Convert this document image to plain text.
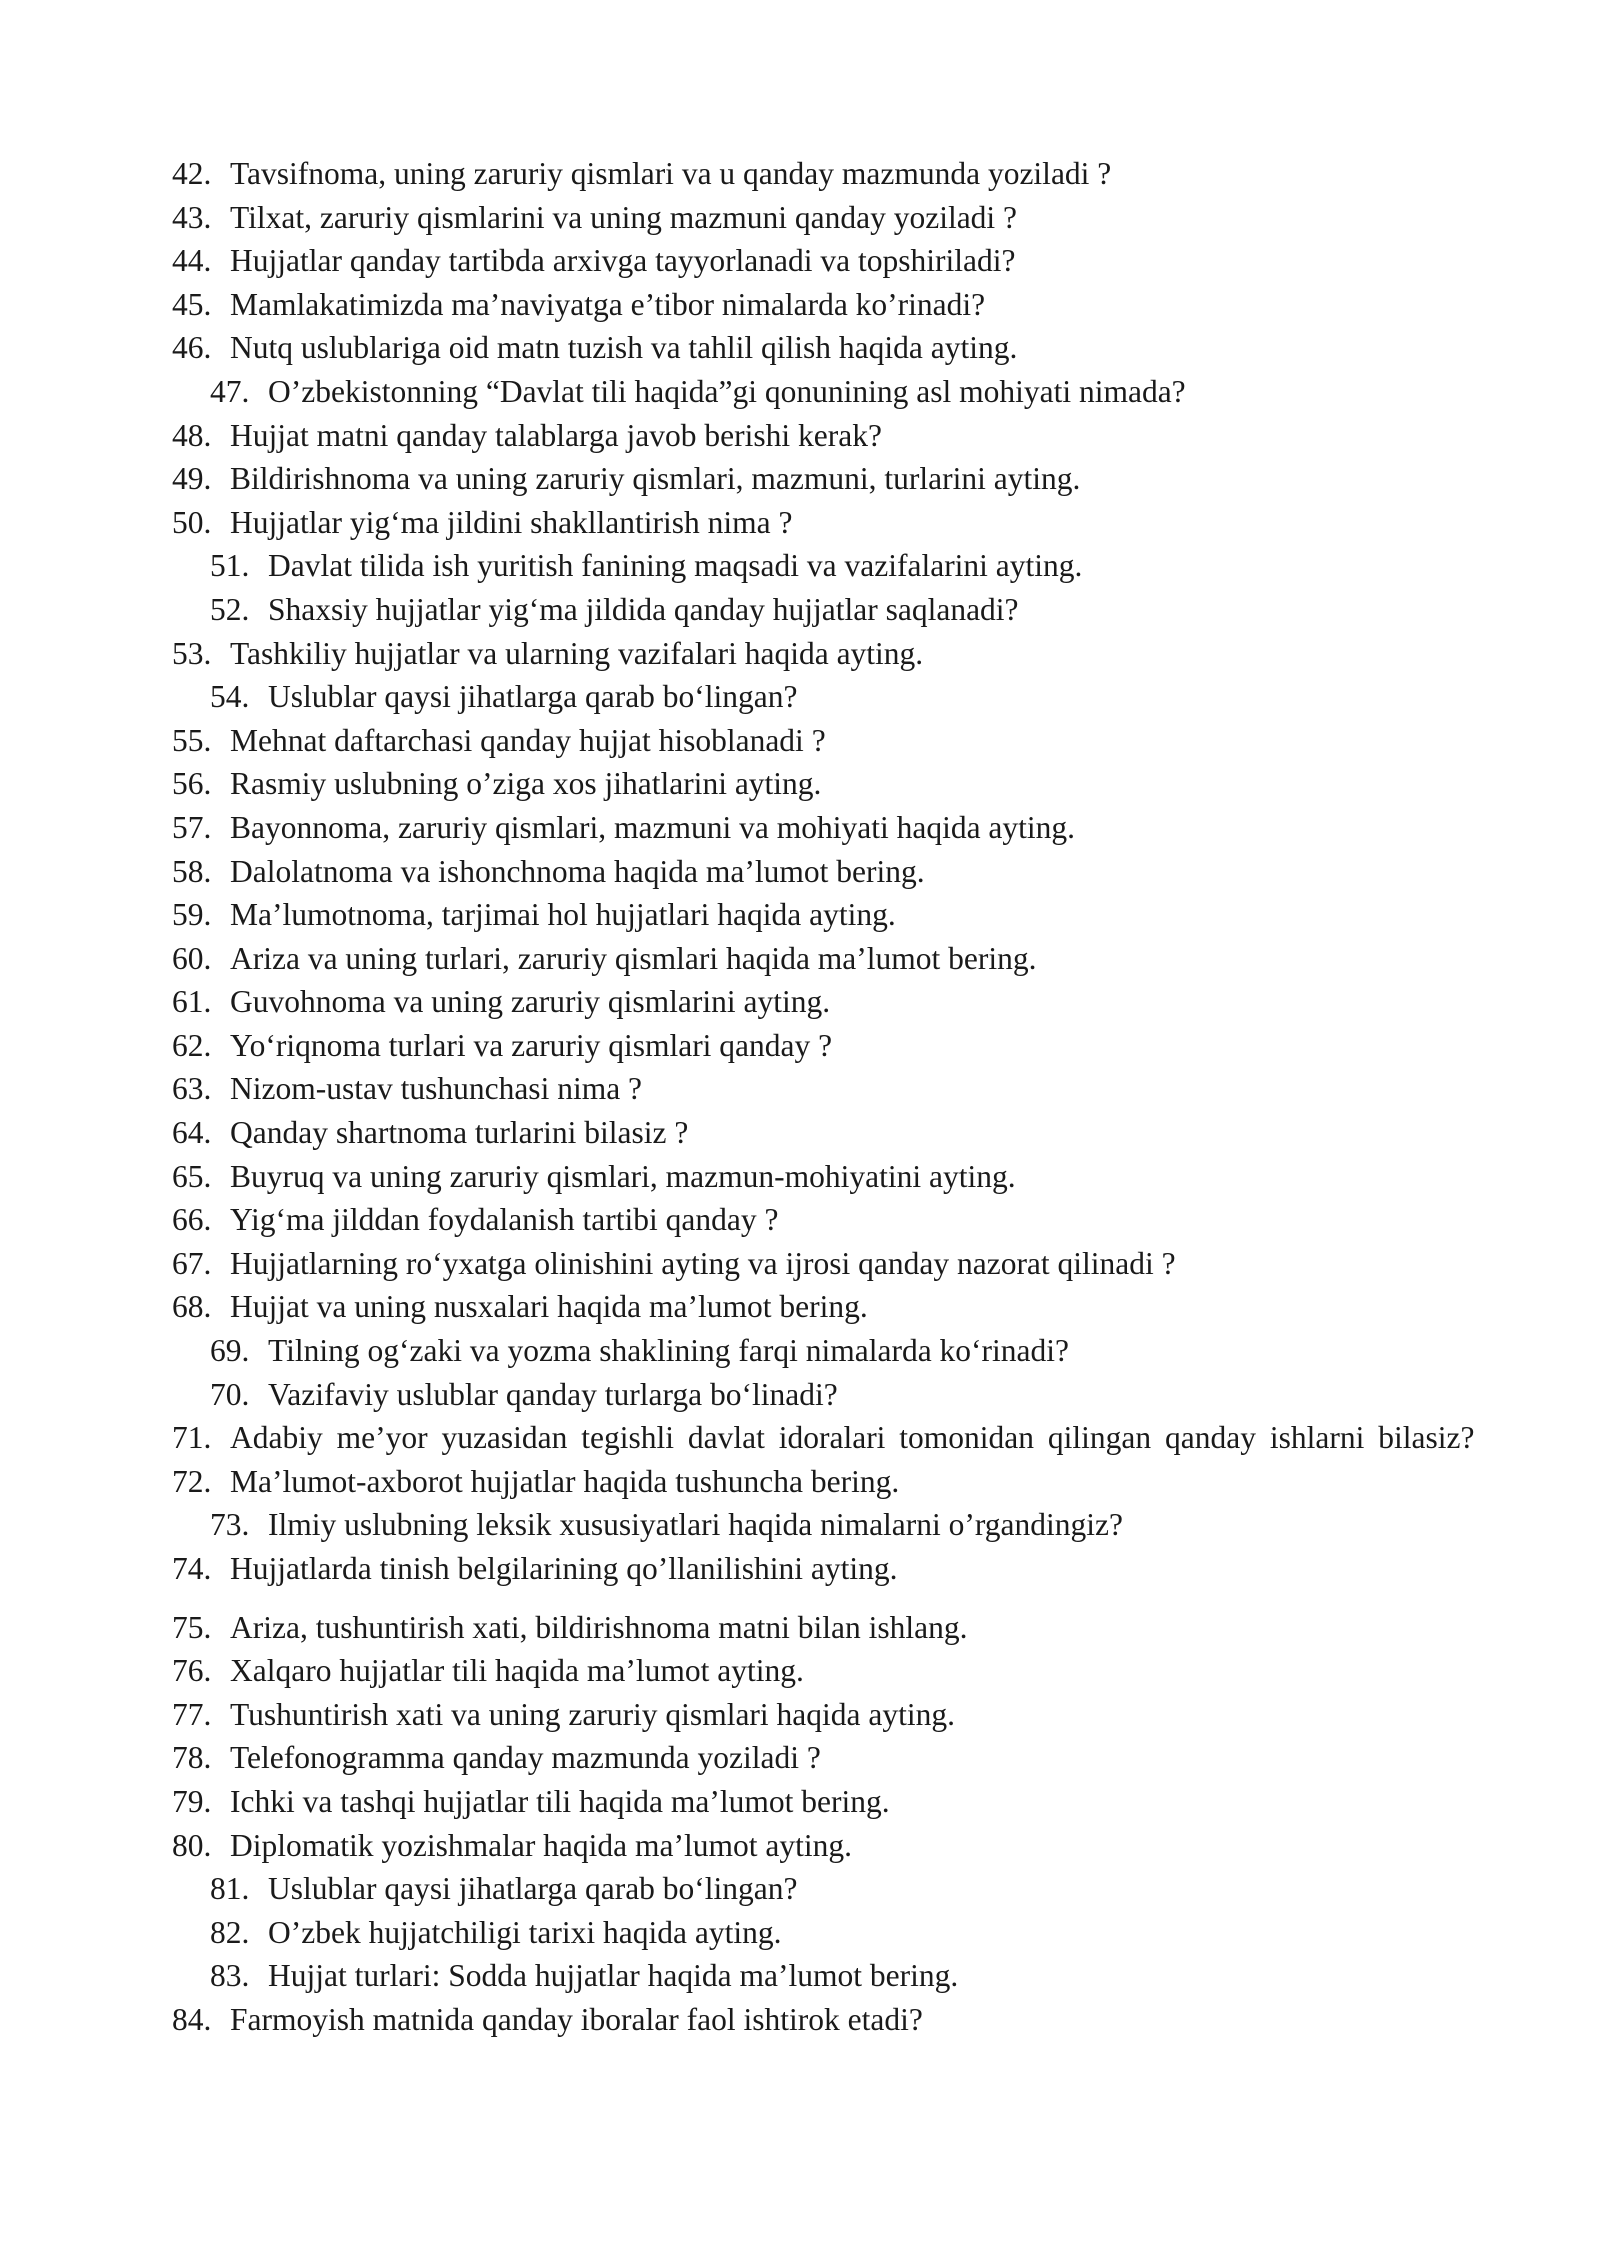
42. Tavsifnoma, uning zaruriy qismlari va u qanday mazmunda yoziladi ?
43. Tilxat, zaruriy qismlarini va uning mazmuni qanday yoziladi ?
44. Hujjatlar qanday tartibda arxivga tayyorlanadi va topshiriladi?
45. Mamlakatimizda ma’naviyatga e’tibor nimalarda ko’rinadi?
46. Nutq uslublariga oid matn tuzish va tahlil qilish haqida ayting.
47. O’zbekistonning “Davlat tili haqida”gi qonunining asl mohiyati nimada?
48. Hujjat matni qanday talablarga javob berishi kerak?
49. Bildirishnoma va uning zaruriy qismlari, mazmuni, turlarini ayting.
50. Hujjatlar yig‘ma jildini shakllantirish nima ?
51. Davlat tilida ish yuritish fanining maqsadi va vazifalarini ayting.
52. Shaxsiy hujjatlar yig‘ma jildida qanday hujjatlar saqlanadi?
53. Tashkiliy hujjatlar va ularning vazifalari haqida ayting.
54. Uslublar qaysi jihatlarga qarab bo‘lingan?
55. Mehnat daftarchasi qanday hujjat hisoblanadi ?
56. Rasmiy uslubning o’ziga xos jihatlarini ayting.
57. Bayonnoma, zaruriy qismlari, mazmuni va mohiyati haqida ayting.
58. Dalolatnoma va ishonchnoma haqida ma’lumot bering.
59. Ma’lumotnoma, tarjimai hol hujjatlari haqida ayting.
60. Ariza va uning turlari, zaruriy qismlari haqida ma’lumot bering.
61. Guvohnoma va uning zaruriy qismlarini ayting.
62. Yo‘riqnoma turlari va zaruriy qismlari qanday ?
63. Nizom-ustav tushunchasi nima ?
64. Qanday shartnoma turlarini bilasiz ?
65. Buyruq va uning zaruriy qismlari, mazmun-mohiyatini ayting.
66. Yig‘ma jilddan foydalanish tartibi qanday ?
67. Hujjatlarning ro‘yxatga olinishini ayting va ijrosi qanday nazorat qilinadi ?
68. Hujjat va uning nusxalari haqida ma’lumot bering.
69. Tilning og‘zaki va yozma shaklining farqi nimalarda ko‘rinadi?
70. Vazifaviy uslublar qanday turlarga bo‘linadi?
71. Adabiy me’yor yuzasidan tegishli davlat idoralari tomonidan qilingan qanday ishlarni bilasiz?
72. Ma’lumot-axborot hujjatlar haqida tushuncha bering.
73. Ilmiy uslubning leksik xususiyatlari haqida nimalarni o’rgandingiz?
74. Hujjatlarda tinish belgilarining qo’llanilishini ayting.
75. Ariza, tushuntirish xati, bildirishnoma matni bilan ishlang.
76. Xalqaro hujjatlar tili haqida ma’lumot ayting.
77. Tushuntirish xati va uning zaruriy qismlari haqida ayting.
78. Telefonogramma qanday mazmunda yoziladi ?
79. Ichki va tashqi hujjatlar tili haqida ma’lumot bering.
80. Diplomatik yozishmalar haqida ma’lumot ayting.
81. Uslublar qaysi jihatlarga qarab bo‘lingan?
82. O’zbek hujjatchiligi tarixi haqida ayting.
83. Hujjat turlari: Sodda hujjatlar haqida ma’lumot bering.
84. Farmoyish matnida qanday iboralar faol ishtirok etadi?
